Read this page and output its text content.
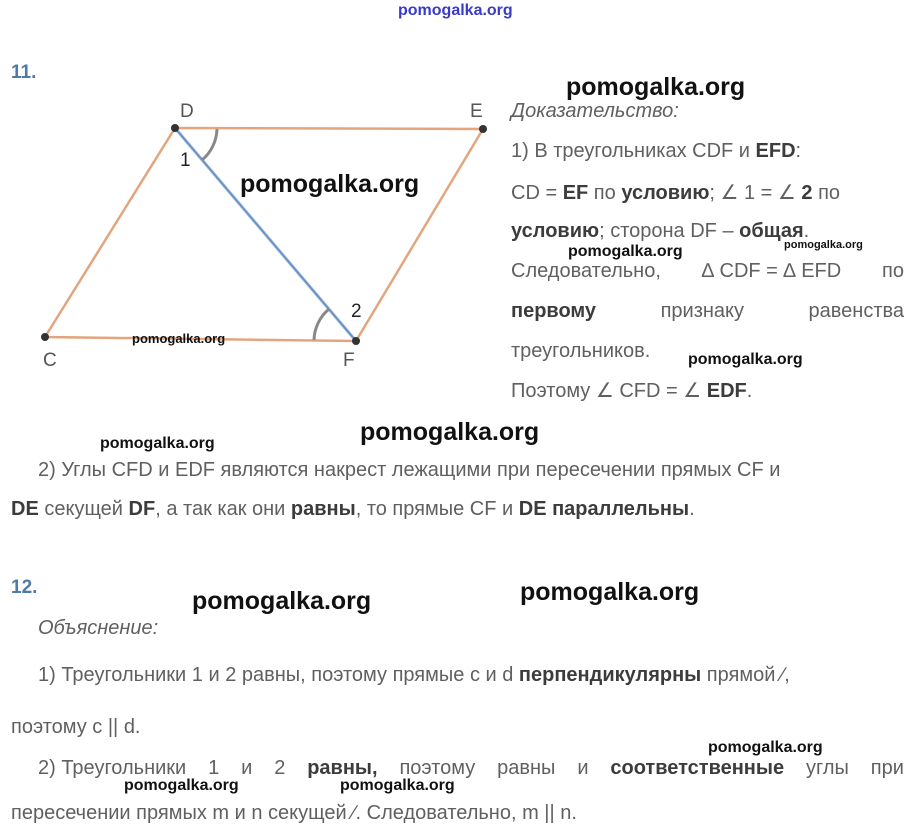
pomogalka.org
11.
D	E
C	F
1
2
Доказательство:
1) В треугольниках CDF и EFD:
CD = EF по условию; ∠ 1 = ∠ 2 по
условию; сторона DF – общая.
Следовательно, ∆ CDF = ∆ EFD по
первому	признаку	равенства
треугольников.
Поэтому ∠ CFD = ∠ EDF.
2) Углы CFD и EDF являются накрест лежащими при пересечении прямых CF и
DE секущей DF, а так как они равны, то прямые CF и DE параллельны.
12.
Объяснение:
1) Треугольники 1 и 2 равны, поэтому прямые c и d перпендикулярны прямой ∕,
поэтому c || d.
2) Треугольники 1 и 2 равны, поэтому равны и соответственные углы при
пересечении прямых m и n секущей ∕. Следовательно, m || n.
pomogalka.org
pomogalka.org
pomogalka.org	pomogalka.org
pomogalka.org
pomogalka.org
pomogalka.org
pomogalka.org
pomogalka.org
pomogalka.org
pomogalka.org
pomogalka.org	pomogalka.org
